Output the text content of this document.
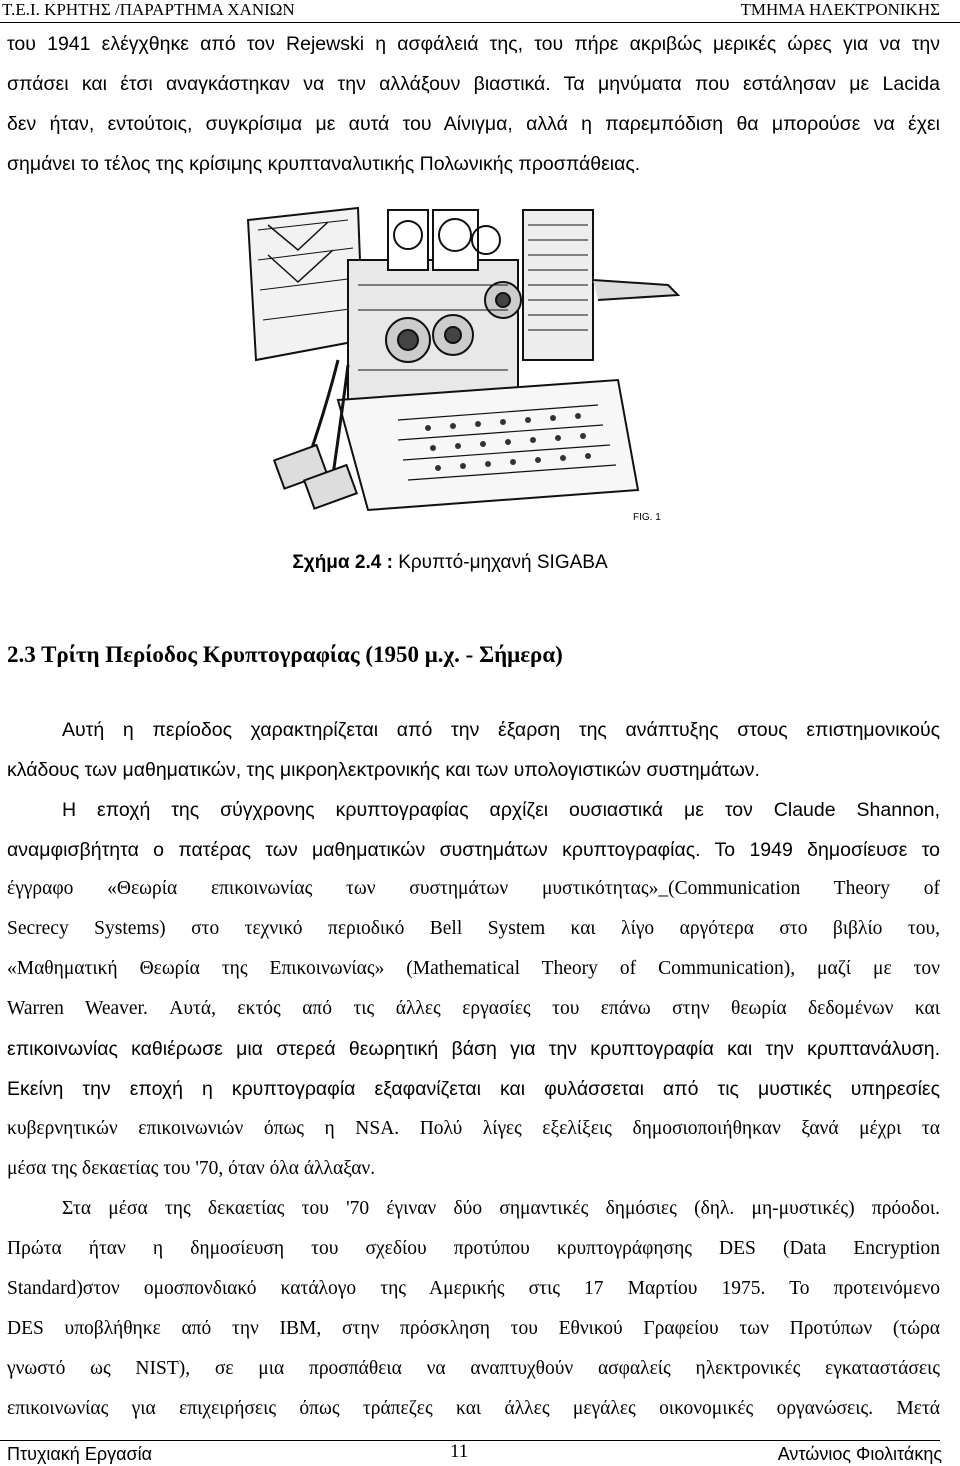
Τ.Ε.Ι. ΚΡΗΤΗΣ /ΠΑΡΑΡΤΗΜΑ ΧΑΝΙΩΝ	ΤΜΗΜΑ ΗΛΕΚΤΡΟΝΙΚΗΣ
του 1941 ελέγχθηκε από τον Rejewski η ασφάλειά της, του πήρε ακριβώς μερικές ώρες για να την
σπάσει και έτσι αναγκάστηκαν να την αλλάξουν βιαστικά. Τα μηνύματα που εστάλησαν με Lacida
δεν ήταν, εντούτοις, συγκρίσιμα με αυτά του Αίνιγμα, αλλά η παρεμπόδιση θα μπορούσε να έχει
σημάνει το τέλος της κρίσιμης κρυπταναλυτικής Πολωνικής προσπάθειας.
FIG. 1
Σχήμα 2.4 : Κρυπτό-μηχανή SIGABA
2.3 Τρίτη Περίοδος Κρυπτογραφίας (1950 μ.χ. - Σήμερα)
Αυτή η περίοδος χαρακτηρίζεται από την έξαρση της ανάπτυξης στους επιστημονικούς
κλάδους των μαθηματικών, της μικροηλεκτρονικής και των υπολογιστικών συστημάτων.
Η εποχή της σύγχρονης κρυπτογραφίας αρχίζει ουσιαστικά με τον Claude Shannon,
αναμφισβήτητα ο πατέρας των μαθηματικών συστημάτων κρυπτογραφίας. Το 1949 δημοσίευσε το
έγγραφο «Θεωρία επικοινωνίας των συστημάτων μυστικότητας»_(Communication Theory of
Secrecy Systems) στο τεχνικό περιοδικό Bell System και λίγο αργότερα στο βιβλίο του,
«Μαθηματική Θεωρία της Επικοινωνίας» (Mathematical Theory of Communication), μαζί με τον
Warren Weaver. Αυτά, εκτός από τις άλλες εργασίες του επάνω στην θεωρία δεδομένων και
επικοινωνίας καθιέρωσε μια στερεά θεωρητική βάση για την κρυπτογραφία και την κρυπτανάλυση.
Εκείνη την εποχή η κρυπτογραφία εξαφανίζεται και φυλάσσεται από τις μυστικές υπηρεσίες
κυβερνητικών επικοινωνιών όπως η NSA. Πολύ λίγες εξελίξεις δημοσιοποιήθηκαν ξανά μέχρι τα
μέσα της δεκαετίας του '70, όταν όλα άλλαξαν.
Στα μέσα της δεκαετίας του '70 έγιναν δύο σημαντικές δημόσιες (δηλ. μη-μυστικές) πρόοδοι.
Πρώτα ήταν η δημοσίευση του σχεδίου προτύπου κρυπτογράφησης DES (Data Encryption
Standard)στον ομοσπονδιακό κατάλογο της Αμερικής στις 17 Μαρτίου 1975. Το προτεινόμενο
DES υποβλήθηκε από την IBM, στην πρόσκληση του Εθνικού Γραφείου των Προτύπων (τώρα
γνωστό ως NIST), σε μια προσπάθεια να αναπτυχθούν ασφαλείς ηλεκτρονικές εγκαταστάσεις
επικοινωνίας για επιχειρήσεις όπως τράπεζες και άλλες μεγάλες οικονομικές οργανώσεις. Μετά
Πτυχιακή Εργασία	11	Αντώνιος Φιολιτάκης
